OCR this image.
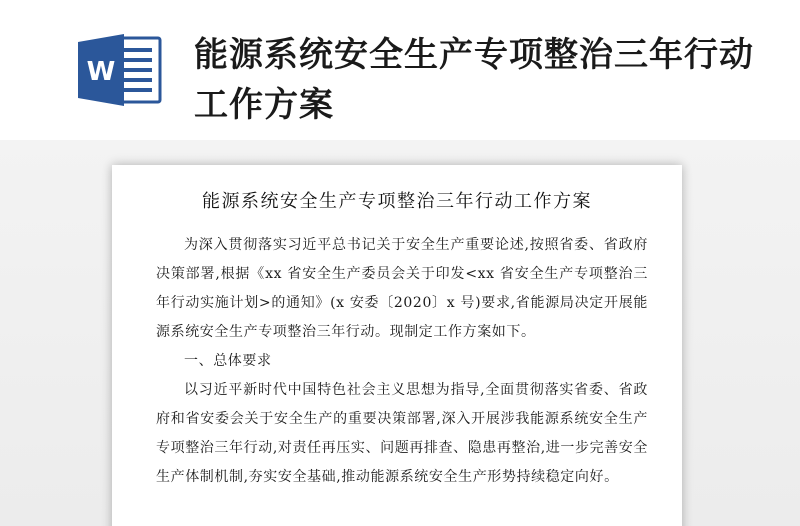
W 能源系统安全生产专项整治三年行动工作方案
能源系统安全生产专项整治三年行动工作方案

为深入贯彻落实习近平总书记关于安全生产重要论述,按照省委、省政府决策部署,根据《xx 省安全生产委员会关于印发<xx 省安全生产专项整治三年行动实施计划>的通知》(x 安委〔2020〕x 号)要求,省能源局决定开展能源系统安全生产专项整治三年行动。现制定工作方案如下。

一、总体要求

以习近平新时代中国特色社会主义思想为指导,全面贯彻落实省委、省政府和省安委会关于安全生产的重要决策部署,深入开展涉我能源系统安全生产专项整治三年行动,对责任再压实、问题再排查、隐患再整治,进一步完善安全生产体制机制,夯实安全基础,推动能源系统安全生产形势持续稳定向好。
